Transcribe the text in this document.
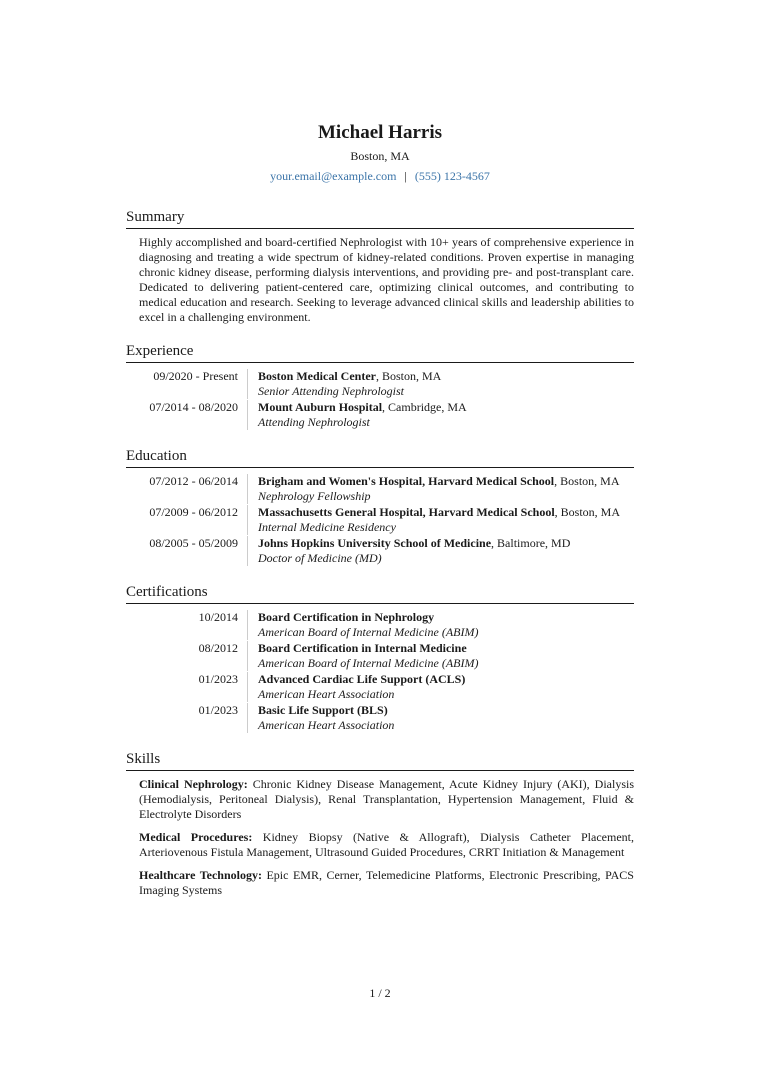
Michael Harris
Boston, MA
your.email@example.com | (555) 123-4567
Summary
Highly accomplished and board-certified Nephrologist with 10+ years of comprehensive experience in diagnosing and treating a wide spectrum of kidney-related conditions. Proven expertise in managing chronic kidney disease, performing dialysis interventions, and providing pre- and post-transplant care. Dedicated to delivering patient-centered care, optimizing clinical outcomes, and contributing to medical education and research. Seeking to leverage advanced clinical skills and leadership abilities to excel in a challenging environment.
Experience
09/2020 - Present	Boston Medical Center, Boston, MA
Senior Attending Nephrologist
07/2014 - 08/2020	Mount Auburn Hospital, Cambridge, MA
Attending Nephrologist
Education
07/2012 - 06/2014	Brigham and Women's Hospital, Harvard Medical School, Boston, MA
Nephrology Fellowship
07/2009 - 06/2012	Massachusetts General Hospital, Harvard Medical School, Boston, MA
Internal Medicine Residency
08/2005 - 05/2009	Johns Hopkins University School of Medicine, Baltimore, MD
Doctor of Medicine (MD)
Certifications
10/2014	Board Certification in Nephrology
American Board of Internal Medicine (ABIM)
08/2012	Board Certification in Internal Medicine
American Board of Internal Medicine (ABIM)
01/2023	Advanced Cardiac Life Support (ACLS)
American Heart Association
01/2023	Basic Life Support (BLS)
American Heart Association
Skills
Clinical Nephrology: Chronic Kidney Disease Management, Acute Kidney Injury (AKI), Dialysis (Hemodialysis, Peritoneal Dialysis), Renal Transplantation, Hypertension Management, Fluid & Electrolyte Disorders
Medical Procedures: Kidney Biopsy (Native & Allograft), Dialysis Catheter Placement, Arteriovenous Fistula Management, Ultrasound Guided Procedures, CRRT Initiation & Management
Healthcare Technology: Epic EMR, Cerner, Telemedicine Platforms, Electronic Prescribing, PACS Imaging Systems
1 / 2
